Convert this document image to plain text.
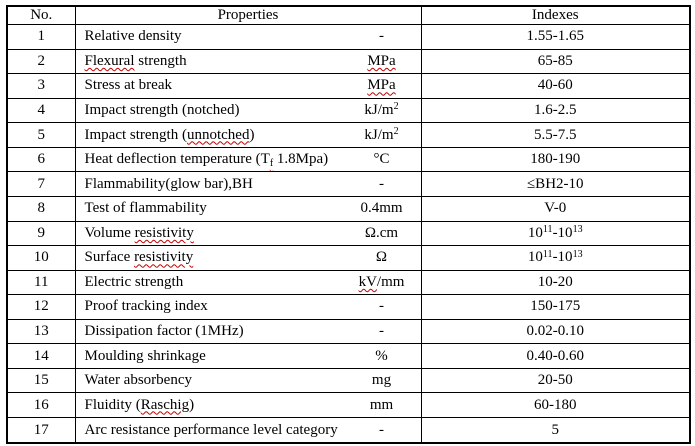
No.	Properties	Indexes
1	Relative density -	1.55-1.65
2	Flexural strength MPa	65-85
3	Stress at break MPa	40-60
4	Impact strength (notched) $kJ/m^2$	1.6-2.5
5	Impact strength (unnotched) $kJ/m^2$	5.5-7.5
6	Heat deflection temperature ($T_f$ 1.8Mpa) °C	180-190
7	Flammability(glow bar),BH -	≤BH2-10
8	Test of flammability 0.4mm	V-0
9	Volume resistivity Ω.cm	$10^{11}-10^{13}$
10	Surface resistivity Ω	$10^{11}-10^{13}$
11	Electric strength kV/mm	10-20
12	Proof tracking index -	150-175
13	Dissipation factor (1MHz) -	0.02-0.10
14	Moulding shrinkage %	0.40-0.60
15	Water absorbency mg	20-50
16	Fluidity (Raschig) mm	60-180
17	Arc resistance performance level category -	5
